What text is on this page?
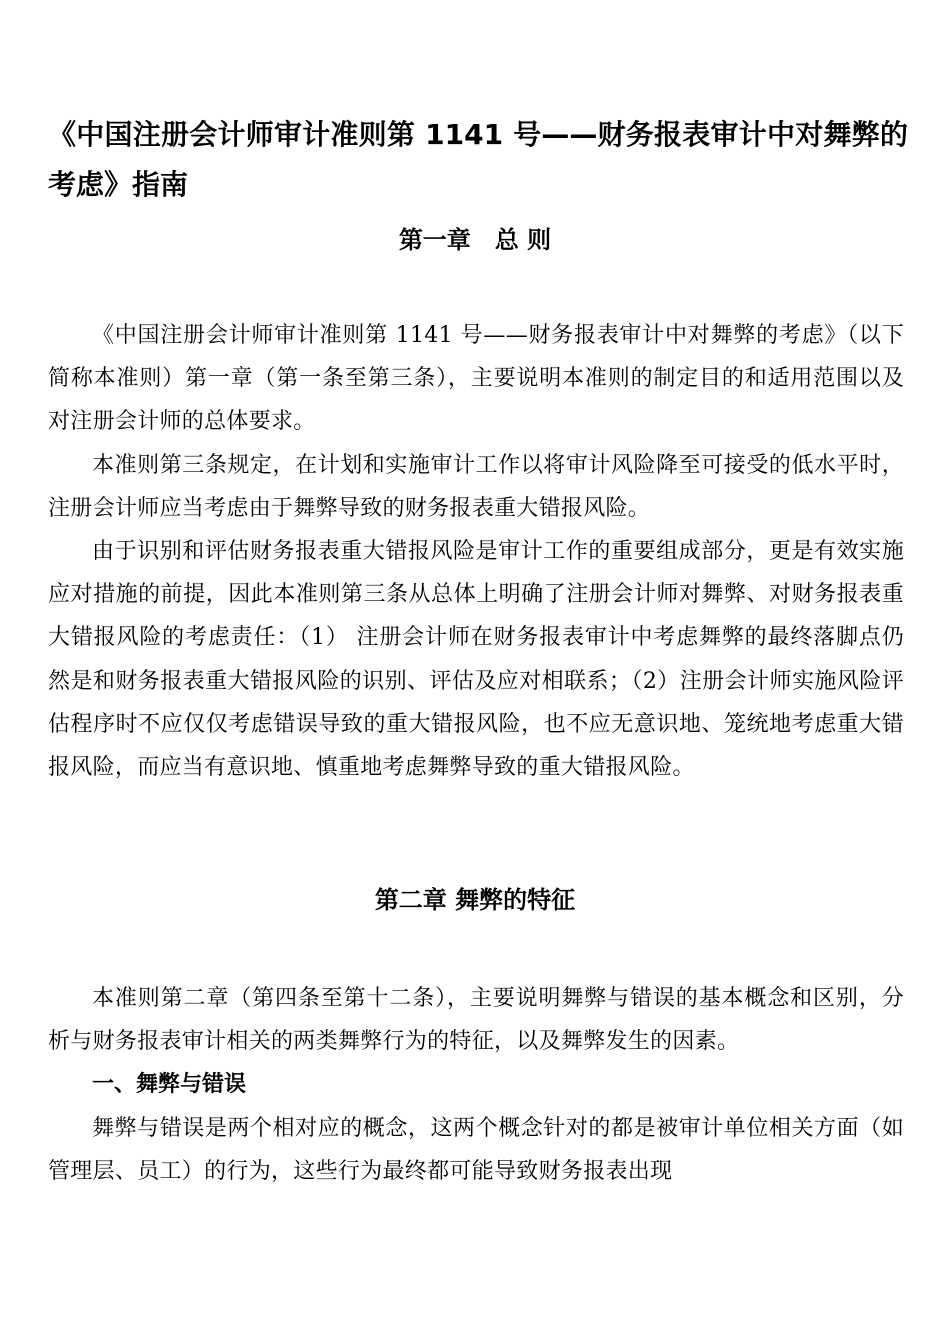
《中国注册会计师审计准则第 1141 号——财务报表审计中对舞弊的考虑》指南
第一章　总 则

《中国注册会计师审计准则第 1141 号——财务报表审计中对舞弊的考虑》（以下简称本准则）第一章（第一条至第三条），主要说明本准则的制定目的和适用范围以及对注册会计师的总体要求。

本准则第三条规定，在计划和实施审计工作以将审计风险降至可接受的低水平时，注册会计师应当考虑由于舞弊导致的财务报表重大错报风险。

由于识别和评估财务报表重大错报风险是审计工作的重要组成部分，更是有效实施应对措施的前提，因此本准则第三条从总体上明确了注册会计师对舞弊、对财务报表重大错报风险的考虑责任：（1） 注册会计师在财务报表审计中考虑舞弊的最终落脚点仍然是和财务报表重大错报风险的识别、评估及应对相联系；（2）注册会计师实施风险评估程序时不应仅仅考虑错误导致的重大错报风险，也不应无意识地、笼统地考虑重大错报风险，而应当有意识地、慎重地考虑舞弊导致的重大错报风险。

第二章 舞弊的特征

本准则第二章（第四条至第十二条），主要说明舞弊与错误的基本概念和区别，分析与财务报表审计相关的两类舞弊行为的特征，以及舞弊发生的因素。

一、舞弊与错误

舞弊与错误是两个相对应的概念，这两个概念针对的都是被审计单位相关方面（如管理层、员工）的行为，这些行为最终都可能导致财务报表出现
